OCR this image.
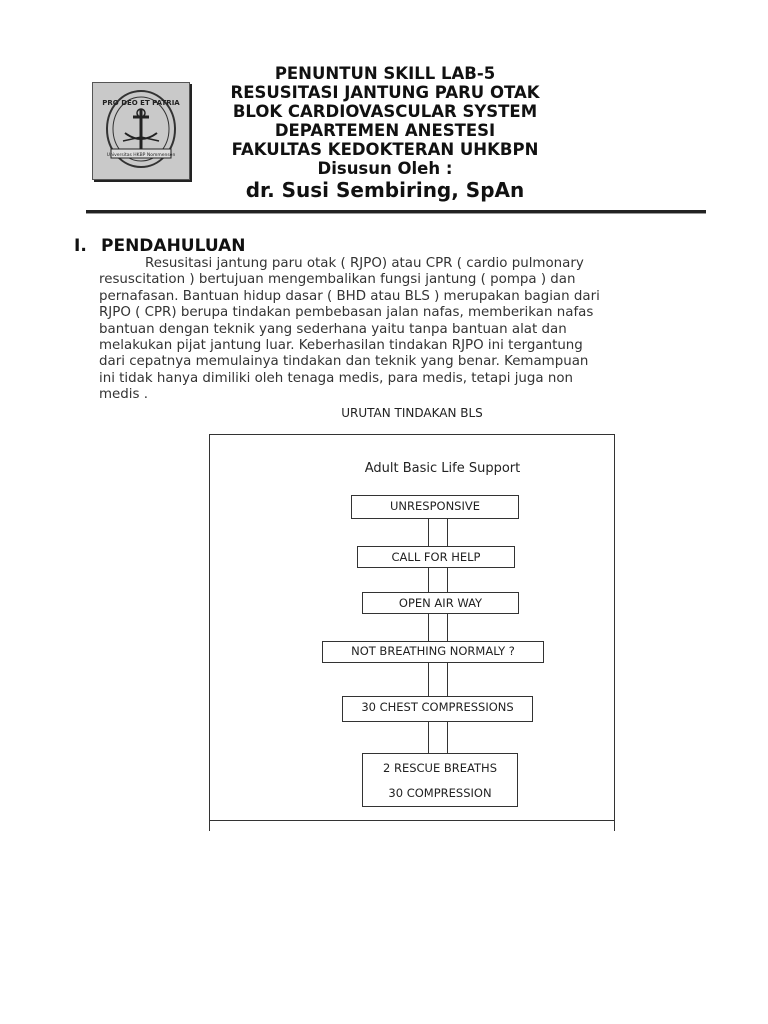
PRO DEO ET PATRIA
Universitas HKBP Nommensen
PENUNTUN SKILL LAB-5
RESUSITASI JANTUNG PARU OTAK
BLOK CARDIOVASCULAR SYSTEM
DEPARTEMEN ANESTESI
FAKULTAS KEDOKTERAN UHKBPN
Disusun Oleh :
dr. Susi Sembiring, SpAn
I. PENDAHULUAN

Resusitasi jantung paru otak ( RJPO) atau CPR ( cardio pulmonary
resuscitation ) bertujuan mengembalikan fungsi jantung ( pompa ) dan
pernafasan. Bantuan hidup dasar ( BHD atau BLS ) merupakan bagian dari
RJPO ( CPR) berupa tindakan pembebasan jalan nafas, memberikan nafas
bantuan dengan teknik yang sederhana yaitu tanpa bantuan alat dan
melakukan pijat jantung luar. Keberhasilan tindakan RJPO ini tergantung
dari cepatnya memulainya tindakan dan teknik yang benar. Kemampuan
ini tidak hanya dimiliki oleh tenaga medis, para medis, tetapi juga non
medis .

URUTAN TINDAKAN BLS
Adult Basic Life Support
UNRESPONSIVE
CALL FOR HELP
OPEN AIR WAY
NOT BREATHING NORMALY ?
30 CHEST COMPRESSIONS
2 RESCUE BREATHS
30 COMPRESSION
